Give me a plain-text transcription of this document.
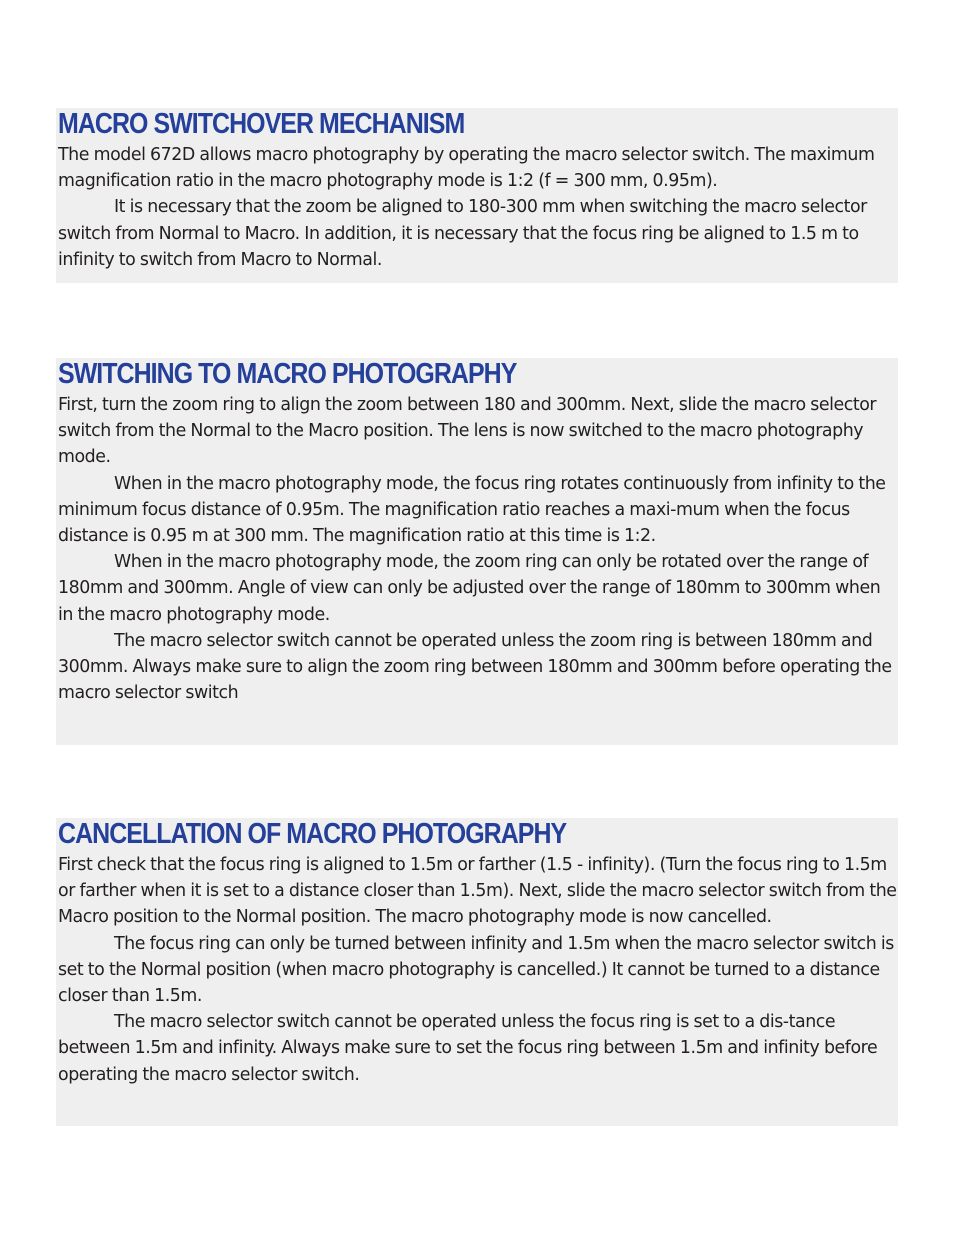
MACRO SWITCHOVER MECHANISM

The model 672D allows macro photography by operating the macro selector switch. The maximum magnification ratio in the macro photography mode is 1:2 (f = 300 mm, 0.95m).

It is necessary that the zoom be aligned to 180-300 mm when switching the macro selector switch from Normal to Macro. In addition, it is necessary that the focus ring be aligned to 1.5 m to infinity to switch from Macro to Normal.

SWITCHING TO MACRO PHOTOGRAPHY

First, turn the zoom ring to align the zoom between 180 and 300mm. Next, slide the macro selector switch from the Normal to the Macro position. The lens is now switched to the macro photography mode.

When in the macro photography mode, the focus ring rotates continuously from infinity to the minimum focus distance of 0.95m. The magnification ratio reaches a maxi-mum when the focus distance is 0.95 m at 300 mm. The magnification ratio at this time is 1:2.

When in the macro photography mode, the zoom ring can only be rotated over the range of 180mm and 300mm. Angle of view can only be adjusted over the range of 180mm to 300mm when in the macro photography mode.

The macro selector switch cannot be operated unless the zoom ring is between 180mm and 300mm. Always make sure to align the zoom ring between 180mm and 300mm before operating the macro selector switch

CANCELLATION OF MACRO PHOTOGRAPHY

First check that the focus ring is aligned to 1.5m or farther (1.5 - infinity). (Turn the focus ring to 1.5m or farther when it is set to a distance closer than 1.5m). Next, slide the macro selector switch from the Macro position to the Normal position. The macro photography mode is now cancelled.

The focus ring can only be turned between infinity and 1.5m when the macro selector switch is set to the Normal position (when macro photography is cancelled.) It cannot be turned to a distance closer than 1.5m.

The macro selector switch cannot be operated unless the focus ring is set to a dis-tance between 1.5m and infinity. Always make sure to set the focus ring between 1.5m and infinity before operating the macro selector switch.
